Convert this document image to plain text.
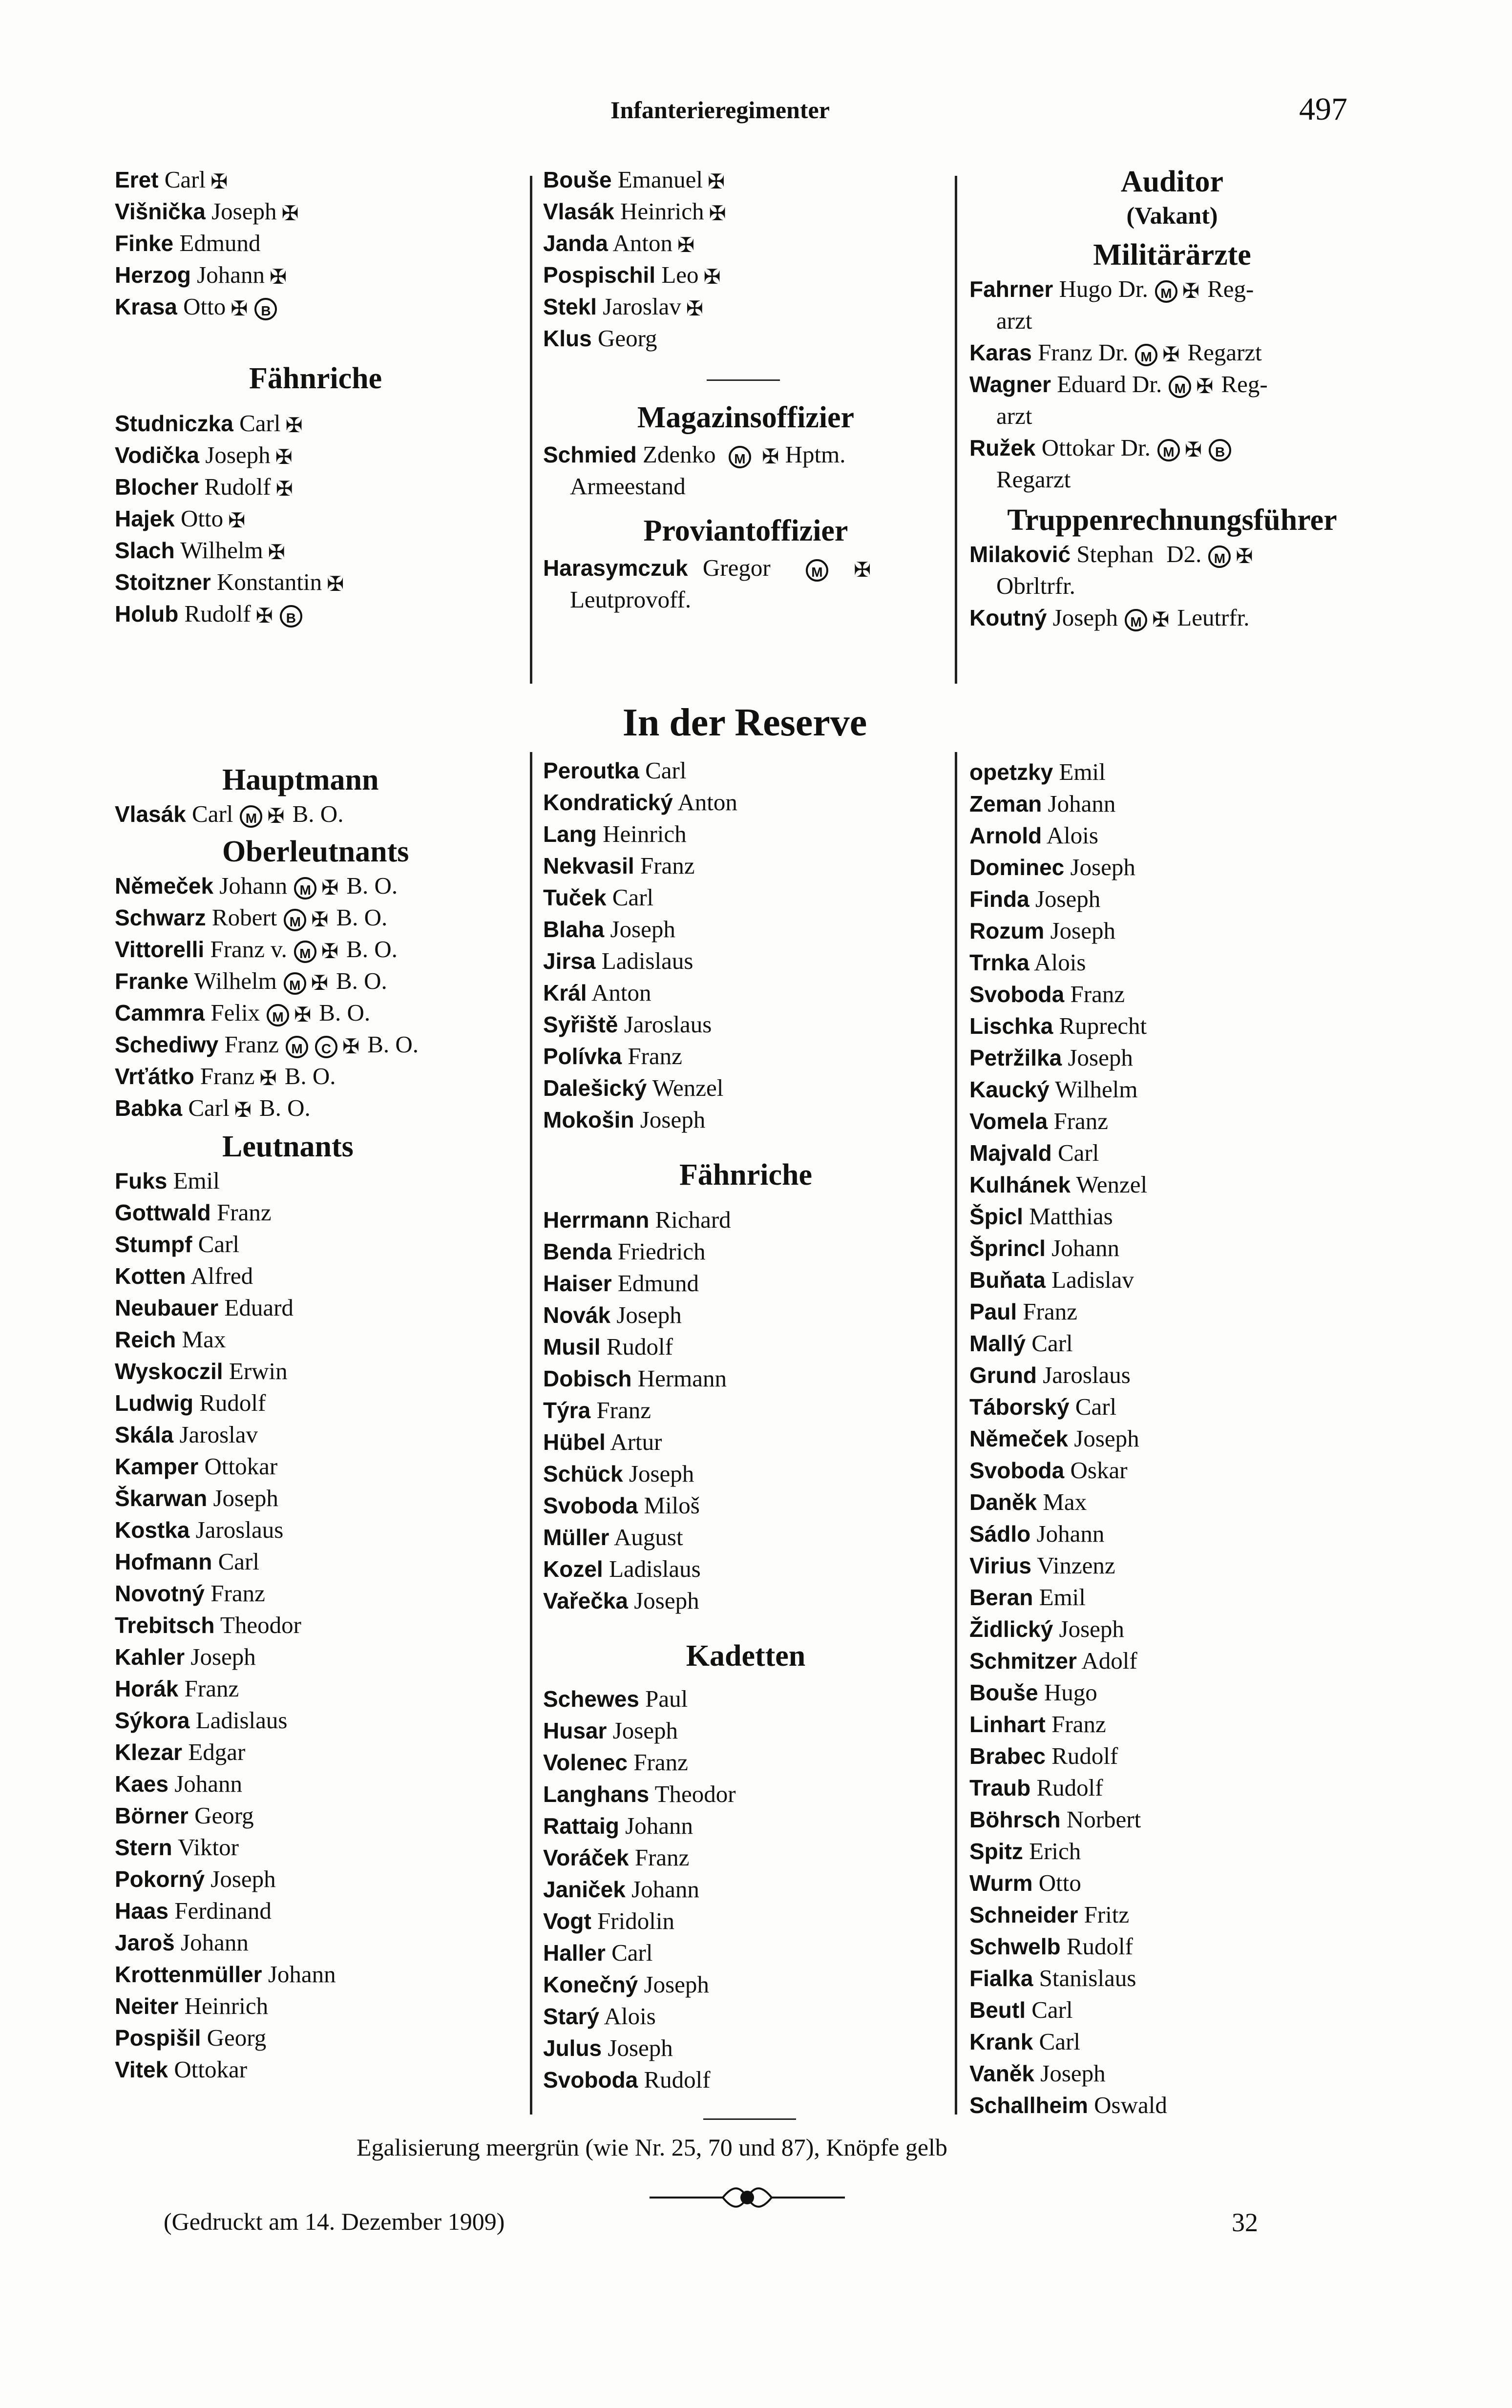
Infanterieregimenter	497
Eret Carl ✠
Višnička Joseph ✠
Finke Edmund
Herzog Johann ✠
Krasa Otto ✠ B
Fähnriche
Studniczka Carl ✠
Vodička Joseph ✠
Blocher Rudolf ✠
Hajek Otto ✠
Slach Wilhelm ✠
Stoitzner Konstantin ✠
Holub Rudolf ✠ B
Bouše Emanuel ✠
Vlasák Heinrich ✠
Janda Anton ✠
Pospischil Leo ✠
Stekl Jaroslav ✠
Klus Georg
Magazinsoffizier
Schmied Zdenko M ✠ Hptm.
Armeestand
Proviantoffizier
Harasymczuk Gregor	M ✠
Leutprovoff.
Auditor
(Vakant)
Militärärzte
Fahrner Hugo Dr. M ✠ Reg-
arzt
Karas Franz Dr. M ✠ Regarzt
Wagner Eduard Dr. M ✠ Reg-
arzt
Ružek Ottokar Dr. M ✠ B
Regarzt
Truppenrechnungsführer
Milaković Stephan D2. M ✠
Obrltrfr.
Koutný Joseph M ✠ Leutrfr.
In der Reserve
Hauptmann
Vlasák Carl M ✠ B. O.
Oberleutnants
Němeček Johann M ✠ B. O.
Schwarz Robert M ✠ B. O.
Vittorelli Franz v. M ✠ B. O.
Franke Wilhelm M ✠ B. O.
Cammra Felix M ✠ B. O.
Schediwy Franz M C ✠ B. O.
Vrťátko Franz ✠ B. O.
Babka Carl ✠ B. O.
Leutnants
Fuks Emil
Gottwald Franz
Stumpf Carl
Kotten Alfred
Neubauer Eduard
Reich Max
Wyskoczil Erwin
Ludwig Rudolf
Skála Jaroslav
Kamper Ottokar
Škarwan Joseph
Kostka Jaroslaus
Hofmann Carl
Novotný Franz
Trebitsch Theodor
Kahler Joseph
Horák Franz
Sýkora Ladislaus
Klezar Edgar
Kaes Johann
Börner Georg
Stern Viktor
Pokorný Joseph
Haas Ferdinand
Jaroš Johann
Krottenmüller Johann
Neiter Heinrich
Pospišil Georg
Vitek Ottokar
Peroutka Carl
Kondratický Anton
Lang Heinrich
Nekvasil Franz
Tuček Carl
Blaha Joseph
Jirsa Ladislaus
Král Anton
Syřiště Jaroslaus
Polívka Franz
Dalešický Wenzel
Mokošin Joseph
Fähnriche
Herrmann Richard
Benda Friedrich
Haiser Edmund
Novák Joseph
Musil Rudolf
Dobisch Hermann
Týra Franz
Hübel Artur
Schück Joseph
Svoboda Miloš
Müller August
Kozel Ladislaus
Vařečka Joseph
Kadetten
Schewes Paul
Husar Joseph
Volenec Franz
Langhans Theodor
Rattaig Johann
Voráček Franz
Janiček Johann
Vogt Fridolin
Haller Carl
Konečný Joseph
Starý Alois
Julus Joseph
Svoboda Rudolf
opetzky Emil
Zeman Johann
Arnold Alois
Dominec Joseph
Finda Joseph
Rozum Joseph
Trnka Alois
Svoboda Franz
Lischka Ruprecht
Petržilka Joseph
Kaucký Wilhelm
Vomela Franz
Majvald Carl
Kulhánek Wenzel
Špicl Matthias
Šprincl Johann
Buňata Ladislav
Paul Franz
Mallý Carl
Grund Jaroslaus
Táborský Carl
Němeček Joseph
Svoboda Oskar
Daněk Max
Sádlo Johann
Virius Vinzenz
Beran Emil
Židlický Joseph
Schmitzer Adolf
Bouše Hugo
Linhart Franz
Brabec Rudolf
Traub Rudolf
Böhrsch Norbert
Spitz Erich
Wurm Otto
Schneider Fritz
Schwelb Rudolf
Fialka Stanislaus
Beutl Carl
Krank Carl
Vaněk Joseph
Schallheim Oswald
Egalisierung meergrün (wie Nr. 25, 70 und 87), Knöpfe gelb
(Gedruckt am 14. Dezember 1909)	32
